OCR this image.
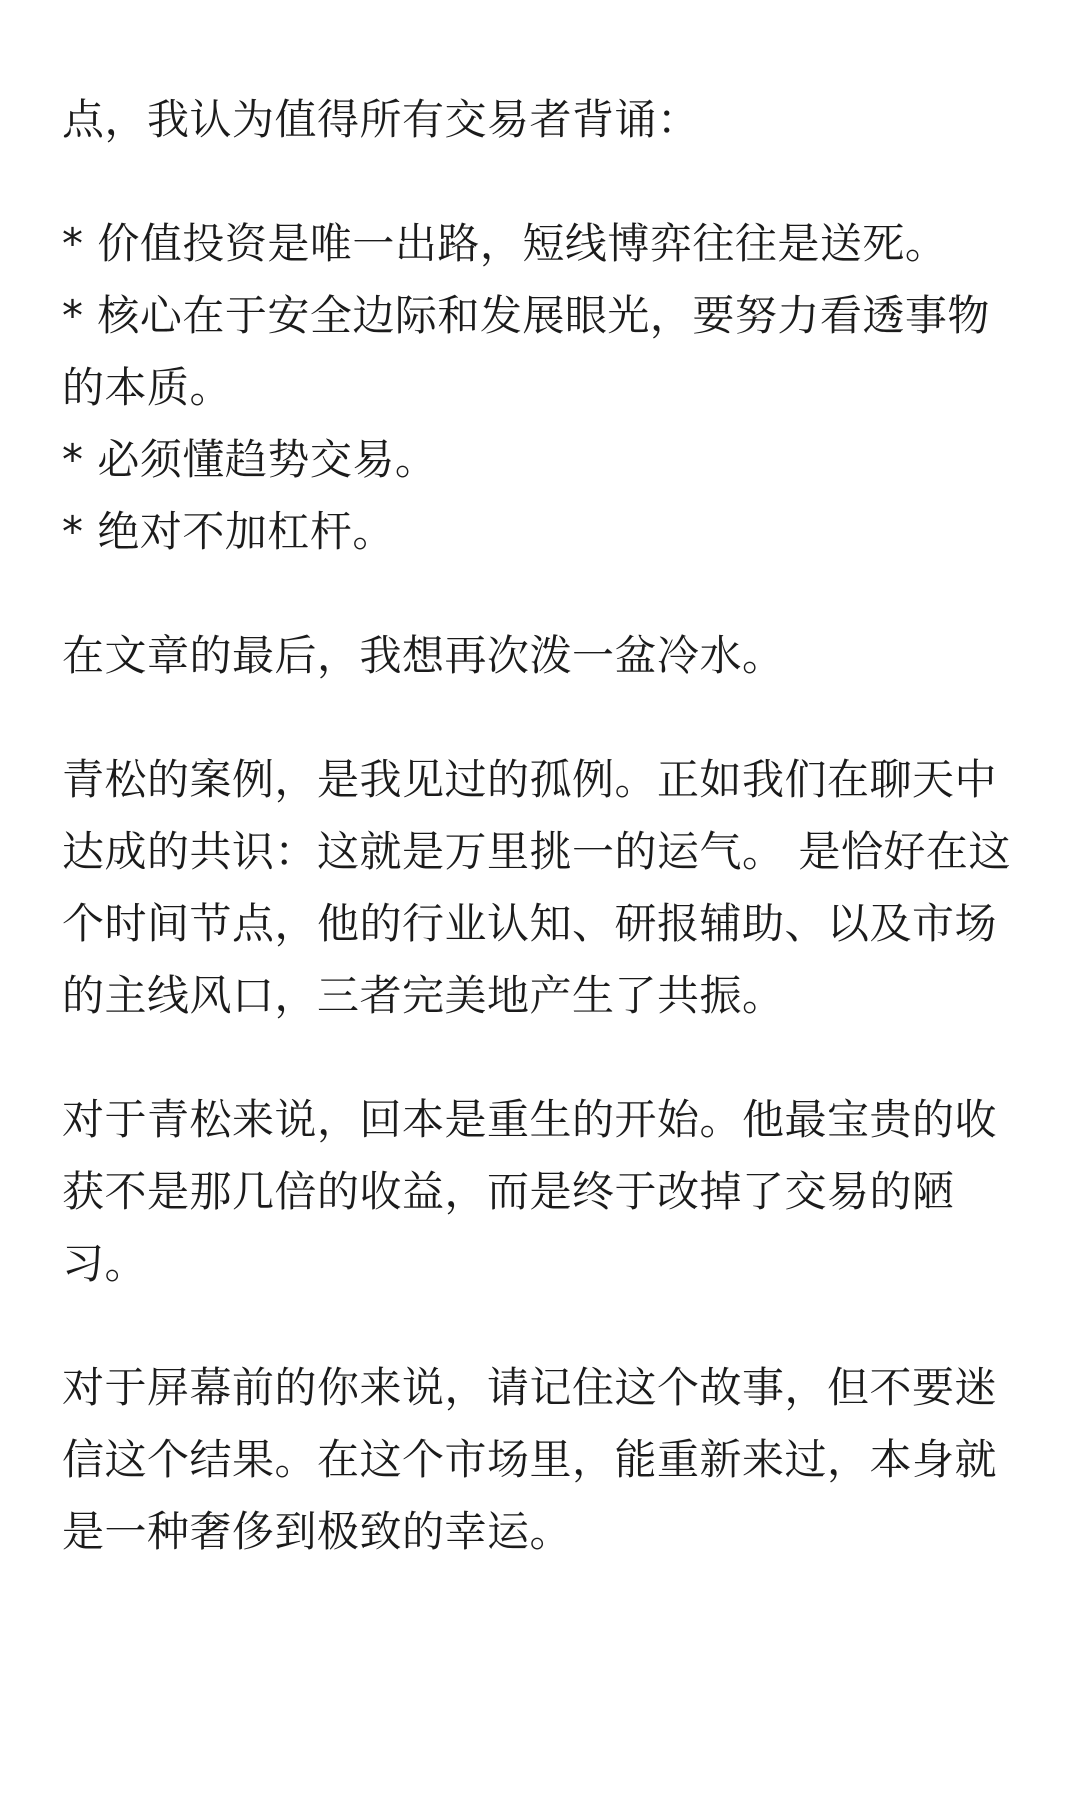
点，我认为值得所有交易者背诵：

* 价值投资是唯一出路，短线博弈往往是送死。
* 核心在于安全边际和发展眼光，要努力看透事物的本质。
* 必须懂趋势交易。
* 绝对不加杠杆。

在文章的最后，我想再次泼一盆冷水。

青松的案例，是我见过的孤例。正如我们在聊天中达成的共识：这就是万里挑一的运气。 是恰好在这个时间节点，他的行业认知、研报辅助、以及市场的主线风口，三者完美地产生了共振。

对于青松来说，回本是重生的开始。他最宝贵的收获不是那几倍的收益，而是终于改掉了交易的陋习。

对于屏幕前的你来说，请记住这个故事，但不要迷信这个结果。在这个市场里，能重新来过，本身就是一种奢侈到极致的幸运。
